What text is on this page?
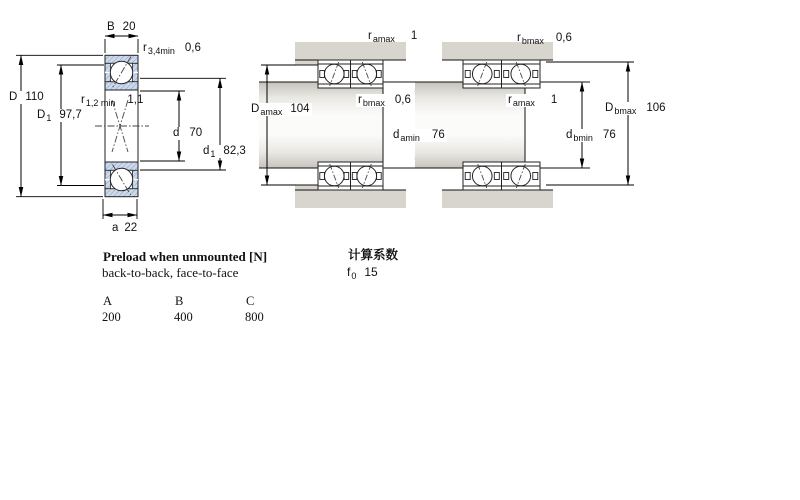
B 20
$r_{3,4min}$ 0,6
D 110
$D_1$ 97,7
$r_{1,2 min}$ 1,1
d 70
$d_1$ 82,3
a 22
$r_{amax}$ 1
$D_{amax}$ 104
$r_{bmax}$ 0,6
$d_{amin}$ 76
$r_{bmax}$ 0,6
$r_{amax}$ 1
$D_{bmax}$ 106
$d_{bmin}$ 76
Preload when unmounted [N]
back-to-back, face-to-face
A	B	C
200	400	800
计算系数
$f_0$ 15
